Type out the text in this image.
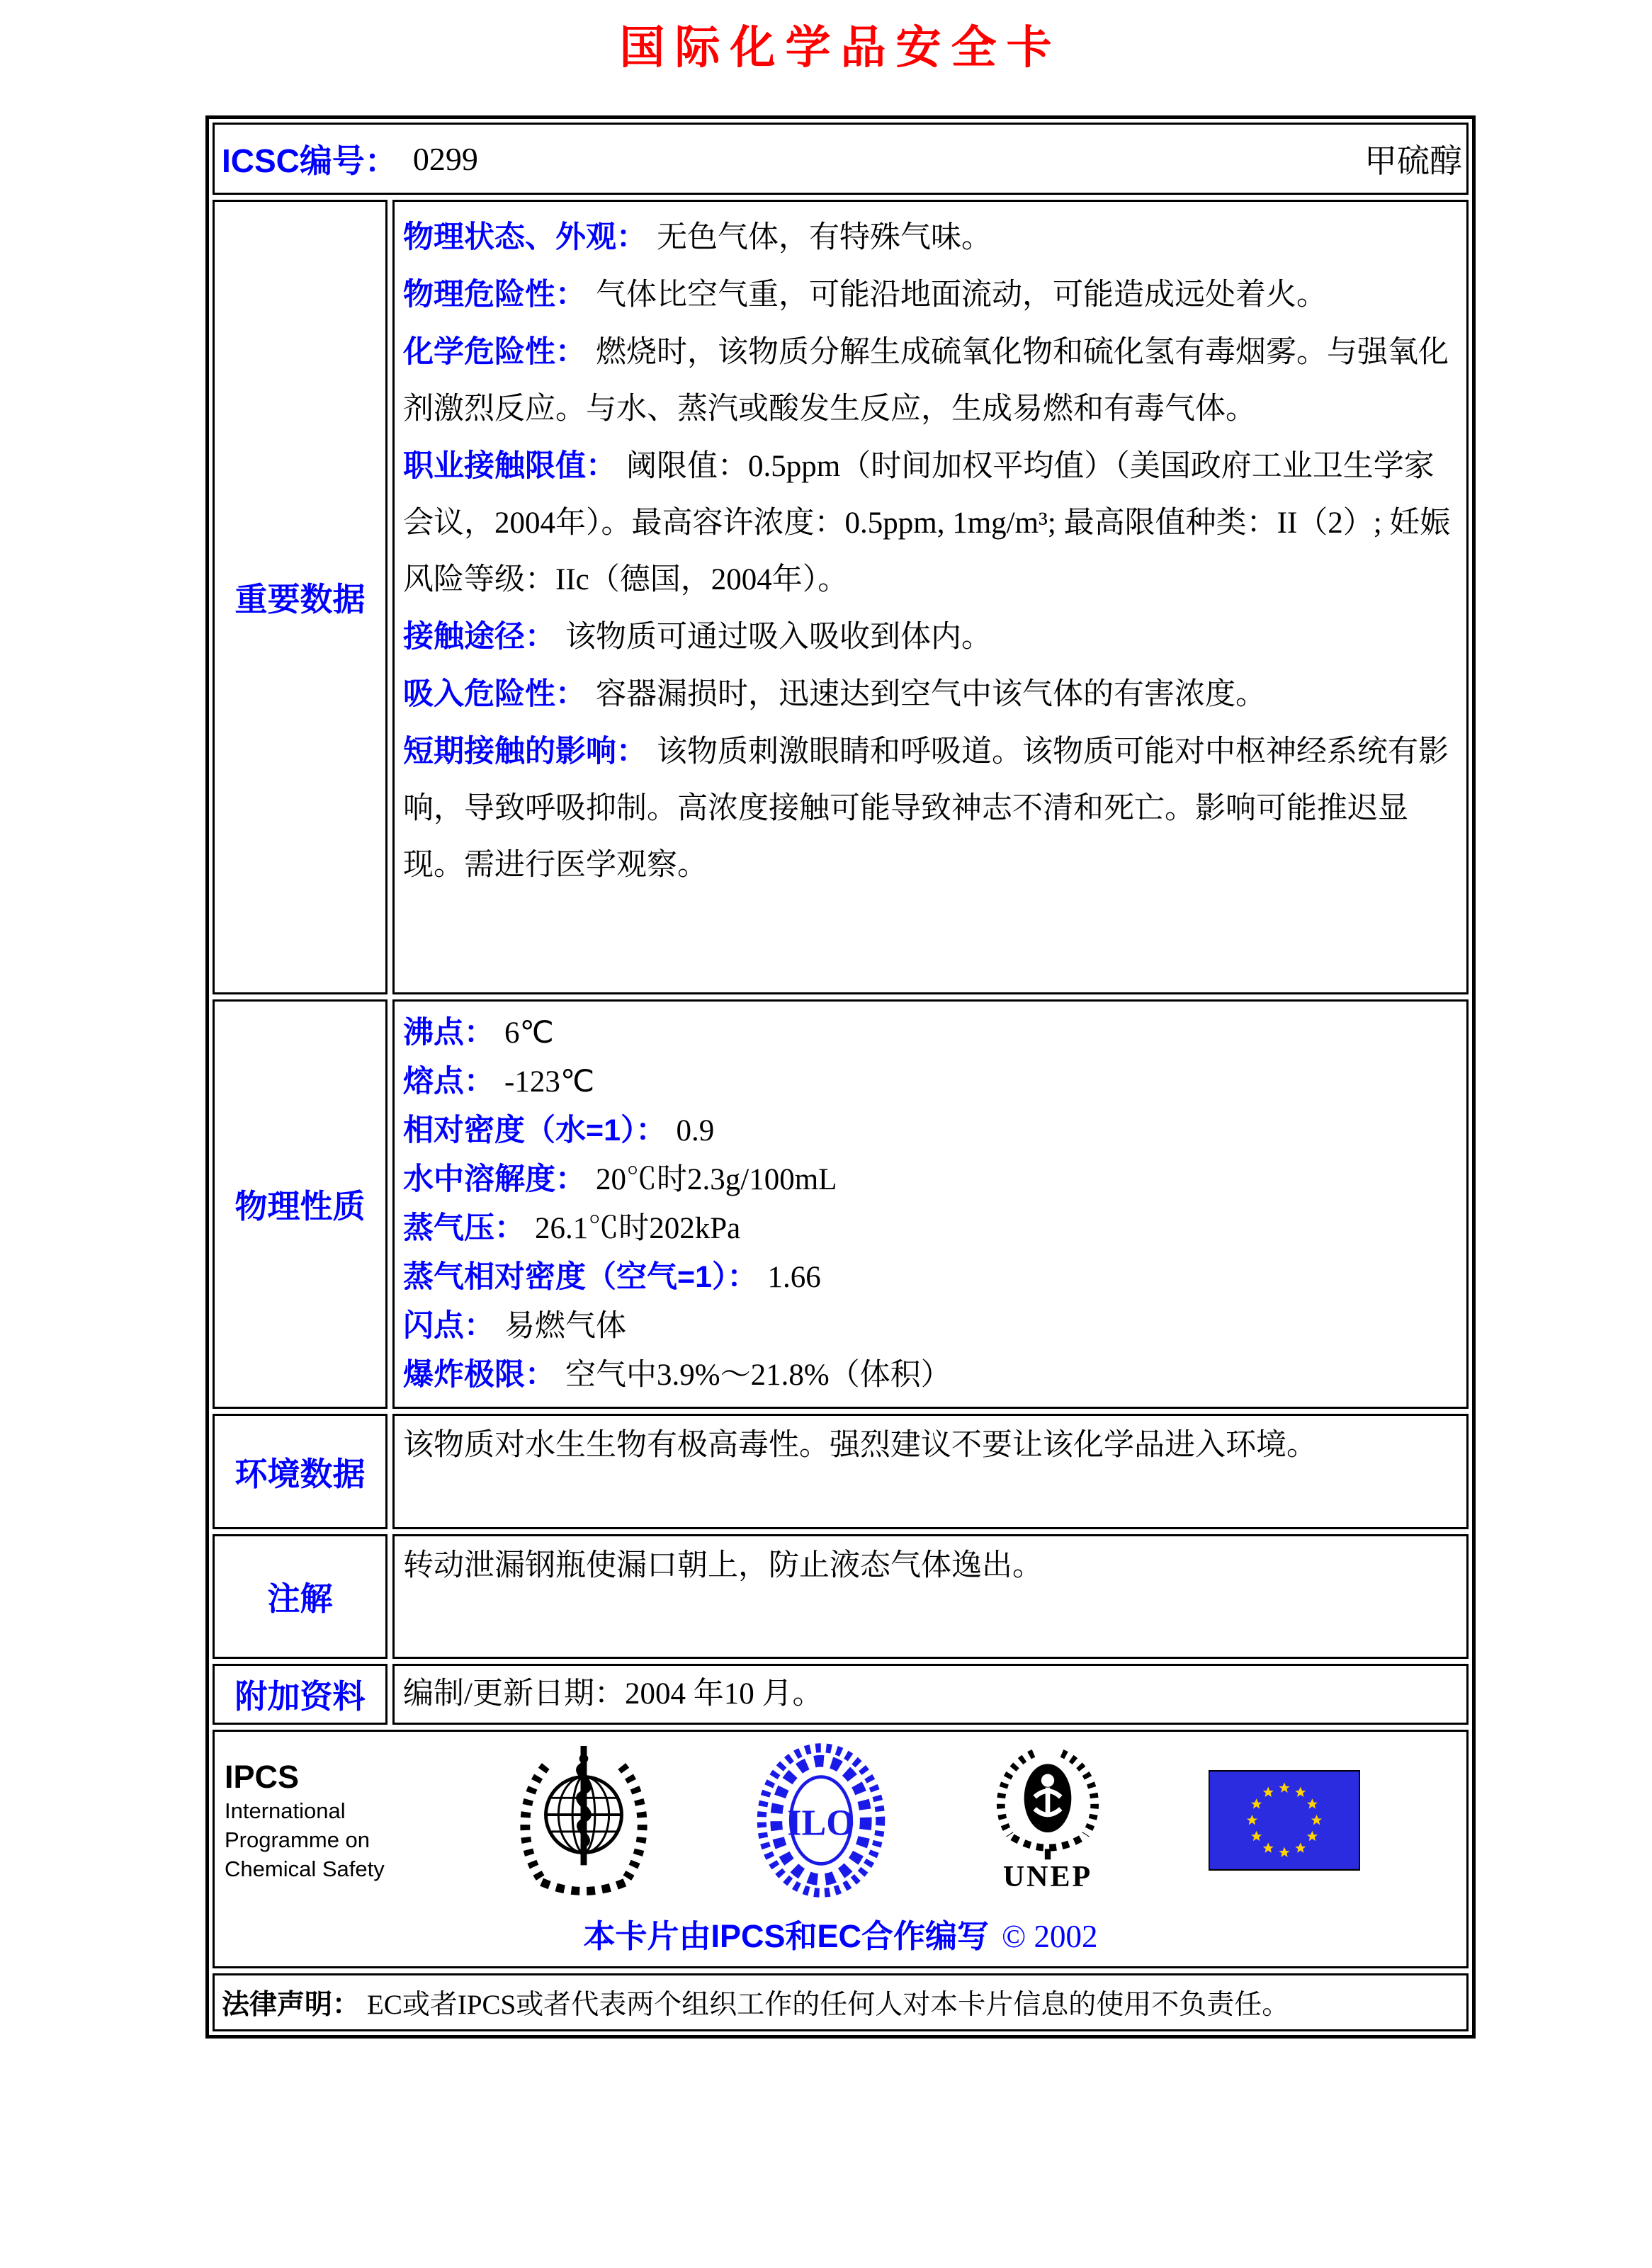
国际化学品安全卡
ICSC编号： 0299	甲硫醇
重要数据

物理状态、外观： 无色气体，有特殊气味。

物理危险性： 气体比空气重，可能沿地面流动，可能造成远处着火。

化学危险性： 燃烧时，该物质分解生成硫氧化物和硫化氢有毒烟雾。与强氧化剂激烈反应。与水、蒸汽或酸发生反应，生成易燃和有毒气体。

职业接触限值： 阈限值：0.5ppm（时间加权平均值）（美国政府工业卫生学家会议，2004年）。最高容许浓度：0.5ppm, 1mg/m³; 最高限值种类：II（2）; 妊娠风险等级：IIc（德国，2004年）。

接触途径： 该物质可通过吸入吸收到体内。

吸入危险性： 容器漏损时，迅速达到空气中该气体的有害浓度。

短期接触的影响： 该物质刺激眼睛和呼吸道。该物质可能对中枢神经系统有影响，导致呼吸抑制。高浓度接触可能导致神志不清和死亡。影响可能推迟显现。需进行医学观察。

物理性质

沸点： 6℃

熔点： -123℃

相对密度（水=1）： 0.9

水中溶解度： 20℃时2.3g/100mL

蒸气压： 26.1℃时202kPa

蒸气相对密度（空气=1）： 1.66

闪点： 易燃气体

爆炸极限： 空气中3.9%～21.8%（体积）

环境数据

该物质对水生生物有极高毒性。强烈建议不要让该化学品进入环境。

注解

转动泄漏钢瓶使漏口朝上，防止液态气体逸出。

附加资料	编制/更新日期：2004 年10 月。

IPCS
International
Programme on
Chemical Safety
ILO
UNEP
本卡片由IPCS和EC合作编写 © 2002
法律声明： EC或者IPCS或者代表两个组织工作的任何人对本卡片信息的使用不负责任。
